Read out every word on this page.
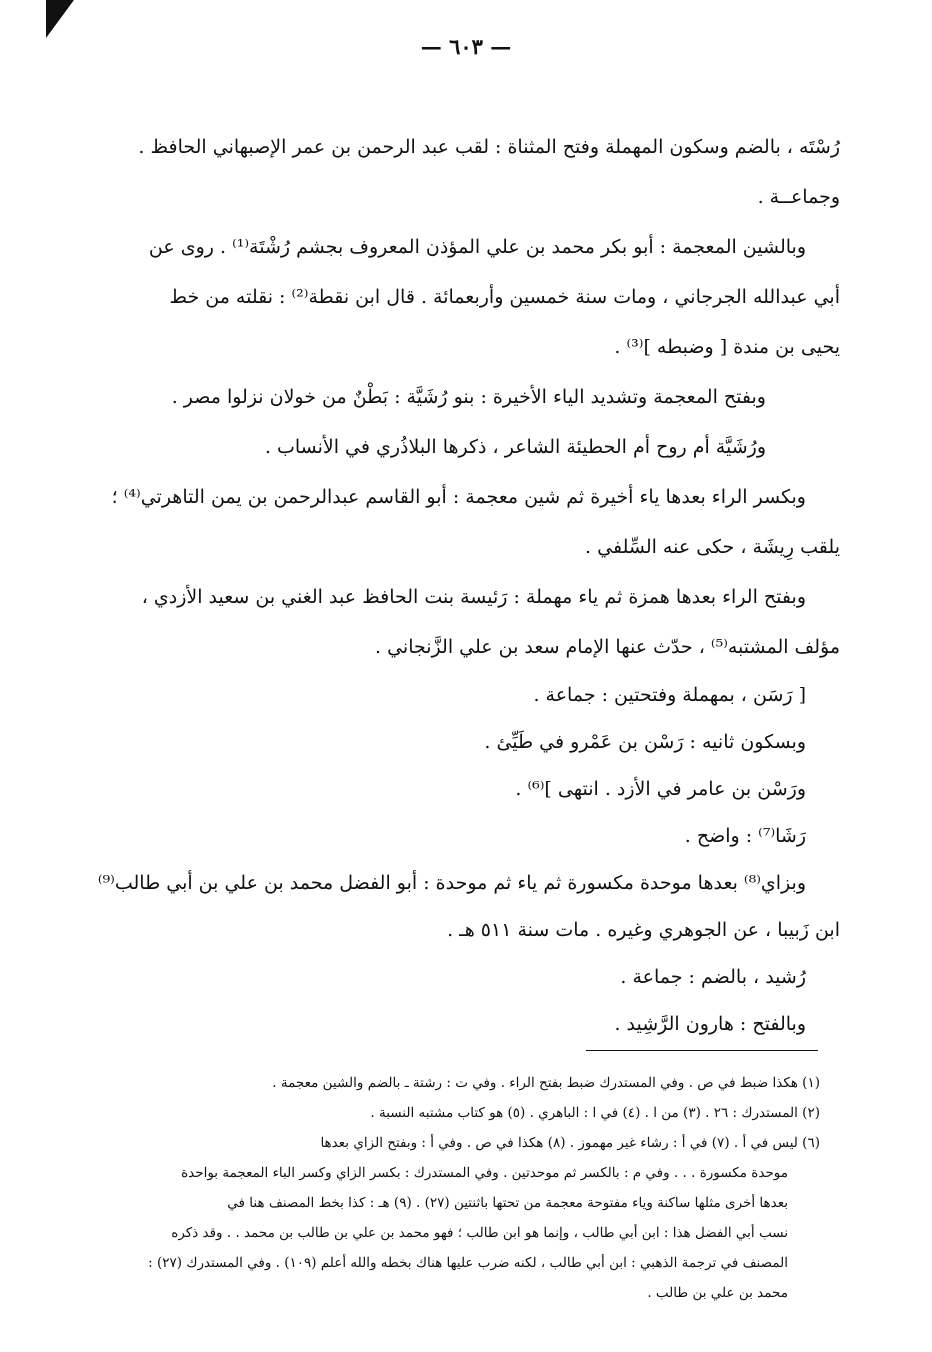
— ٦٠٣ —
رُسْتَه ، بالضم وسكون المهملة وفتح المثناة : لقب عبد الرحمن بن عمر الإصبهاني الحافظ .
وجماعــة .
وبالشين المعجمة : أبو بكر محمد بن علي المؤذن المعروف بجشم رُشْتَة⁽¹⁾ . روى عن
أبي عبدالله الجرجاني ، ومات سنة خمسين وأربعمائة . قال ابن نقطة⁽²⁾ : نقلته من خط
يحيى بن مندة [ وضبطه ]⁽³⁾ .
وبفتح المعجمة وتشديد الياء الأخيرة : بنو رُشَيَّة : بَطْنٌ من خولان نزلوا مصر .
ورُشَيَّة أم روح أم الحطيئة الشاعر ، ذكرها البلاذُري في الأنساب .
وبكسر الراء بعدها ياء أخيرة ثم شين معجمة : أبو القاسم عبدالرحمن بن يمن التاهرتي⁽⁴⁾ ؛
يلقب رِيشَة ، حكى عنه السِّلفي .
وبفتح الراء بعدها همزة ثم ياء مهملة : رَئيسة بنت الحافظ عبد الغني بن سعيد الأزدي ،
مؤلف المشتبه⁽⁵⁾ ، حدّث عنها الإمام سعد بن علي الزَّنجاني .
[ رَسَن ، بمهملة وفتحتين : جماعة .
وبسكون ثانيه : رَسْن بن عَمْرو في طَيِّئ .
ورَسْن بن عامر في الأزد . انتهى ]⁽⁶⁾ .
رَشَا⁽⁷⁾ : واضح .
وبزاي⁽⁸⁾ بعدها موحدة مكسورة ثم ياء ثم موحدة : أبو الفضل محمد بن علي بن أبي طالب⁽⁹⁾
ابن زَبيبا ، عن الجوهري وغيره . مات سنة ٥١١ هـ .
رُشيد ، بالضم : جماعة .
وبالفتح : هارون الرَّشِيد .
(١) هكذا ضبط في ص . وفي المستدرك ضبط بفتح الراء . وفي ت : رشتة ـ بالضم والشين معجمة .
(٢) المستدرك : ٢٦ . (٣) من ا . (٤) في ا : الباهري . (٥) هو كتاب مشتبه النسبة .
(٦) ليس في أ . (٧) في أ : رشاء غير مهموز . (٨) هكذا في ص . وفي أ : وبفتح الزاي بعدها
موحدة مكسورة . . . وفي م : بالكسر ثم موحدتين . وفي المستدرك : بكسر الزاي وكسر الباء المعجمة بواحدة
بعدها أخرى مثلها ساكنة وياء مفتوحة معجمة من تحتها باثنتين (٢٧) . (٩) هـ : كذا بخط المصنف هنا في
نسب أبي الفضل هذا : ابن أبي طالب ، وإنما هو ابن طالب ؛ فهو محمد بن علي بن طالب بن محمد . . وقد ذكره
المصنف في ترجمة الذهبي : ابن أبي طالب ، لكنه ضرب عليها هناك بخطه والله أعلم (١٠٩) . وفي المستدرك (٢٧) :
محمد بن علي بن طالب .
